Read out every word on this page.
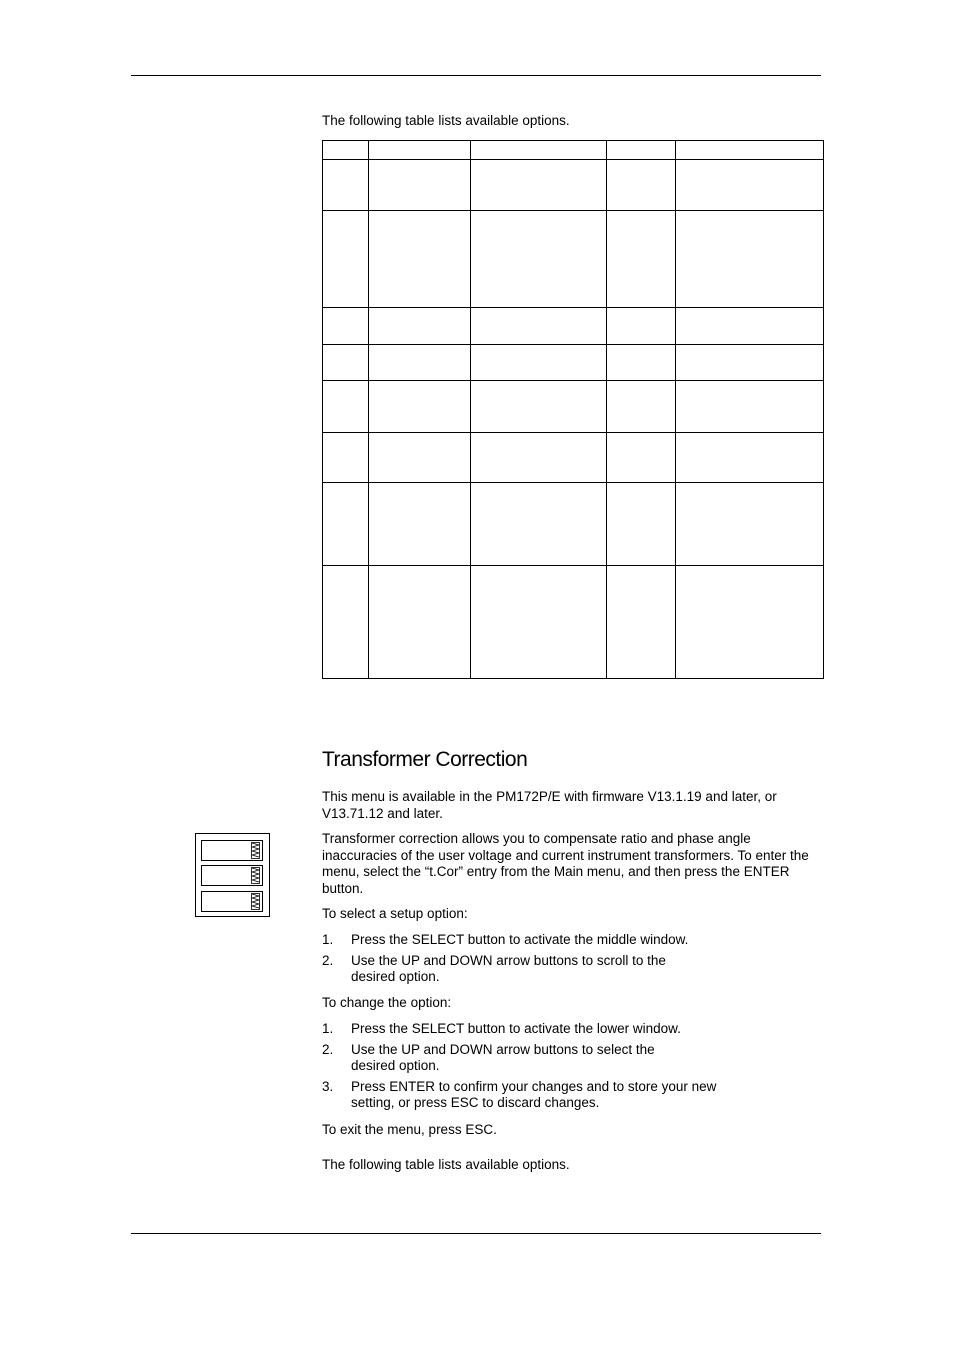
The following table lists available options.

Transformer Correction
This menu is available in the PM172P/E with firmware V13.1.19 and later, or V13.71.12 and later.
Transformer correction allows you to compensate ratio and phase angle inaccuracies of the user voltage and current instrument transformers. To enter the menu, select the “t.Cor” entry from the Main menu, and then press the ENTER button.
To select a setup option:
1. Press the SELECT button to activate the middle window.
2. Use the UP and DOWN arrow buttons to scroll to the desired option.
To change the option:
1. Press the SELECT button to activate the lower window.
2. Use the UP and DOWN arrow buttons to select the desired option.
3. Press ENTER to confirm your changes and to store your new setting, or press ESC to discard changes.
To exit the menu, press ESC.
The following table lists available options.
